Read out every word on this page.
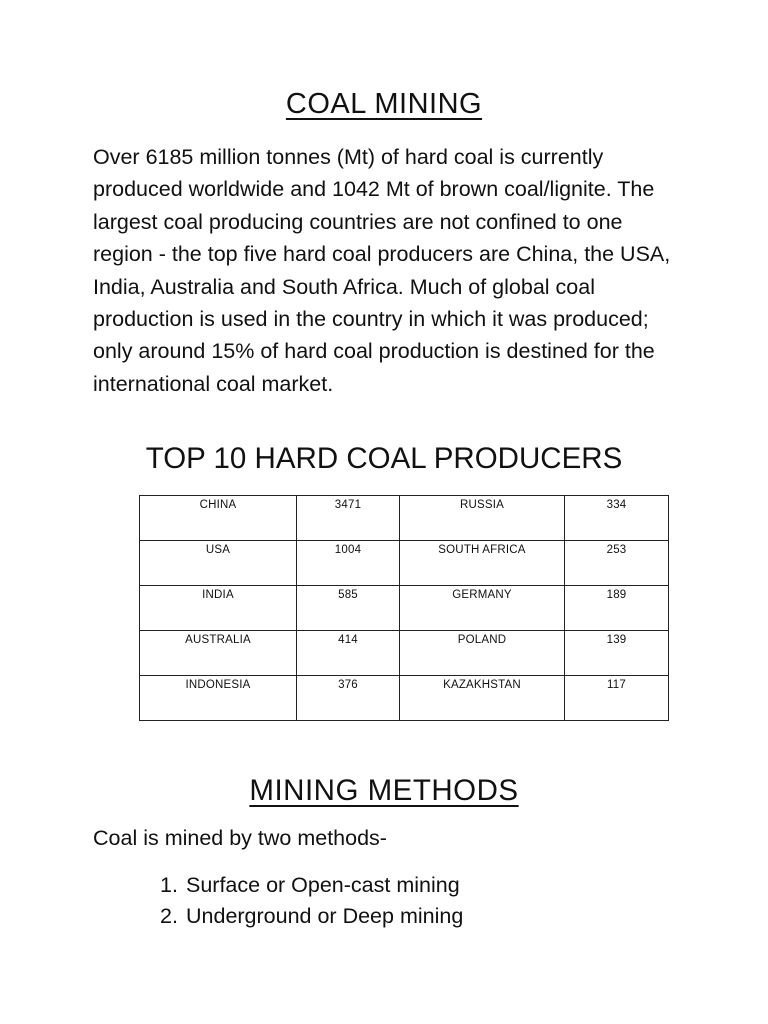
COAL MINING

Over 6185 million tonnes (Mt) of hard coal is currently produced worldwide and 1042 Mt of brown coal/lignite. The largest coal producing countries are not confined to one region - the top five hard coal producers are China, the USA, India, Australia and South Africa. Much of global coal production is used in the country in which it was produced; only around 15% of hard coal production is destined for the international coal market.

TOP 10 HARD COAL PRODUCERS
CHINA	3471	RUSSIA	334
USA	1004	SOUTH AFRICA	253
INDIA	585	GERMANY	189
AUSTRALIA	414	POLAND	139
INDONESIA	376	KAZAKHSTAN	117
MINING METHODS

Coal is mined by two methods-

1. Surface or Open-cast mining
2. Underground or Deep mining
